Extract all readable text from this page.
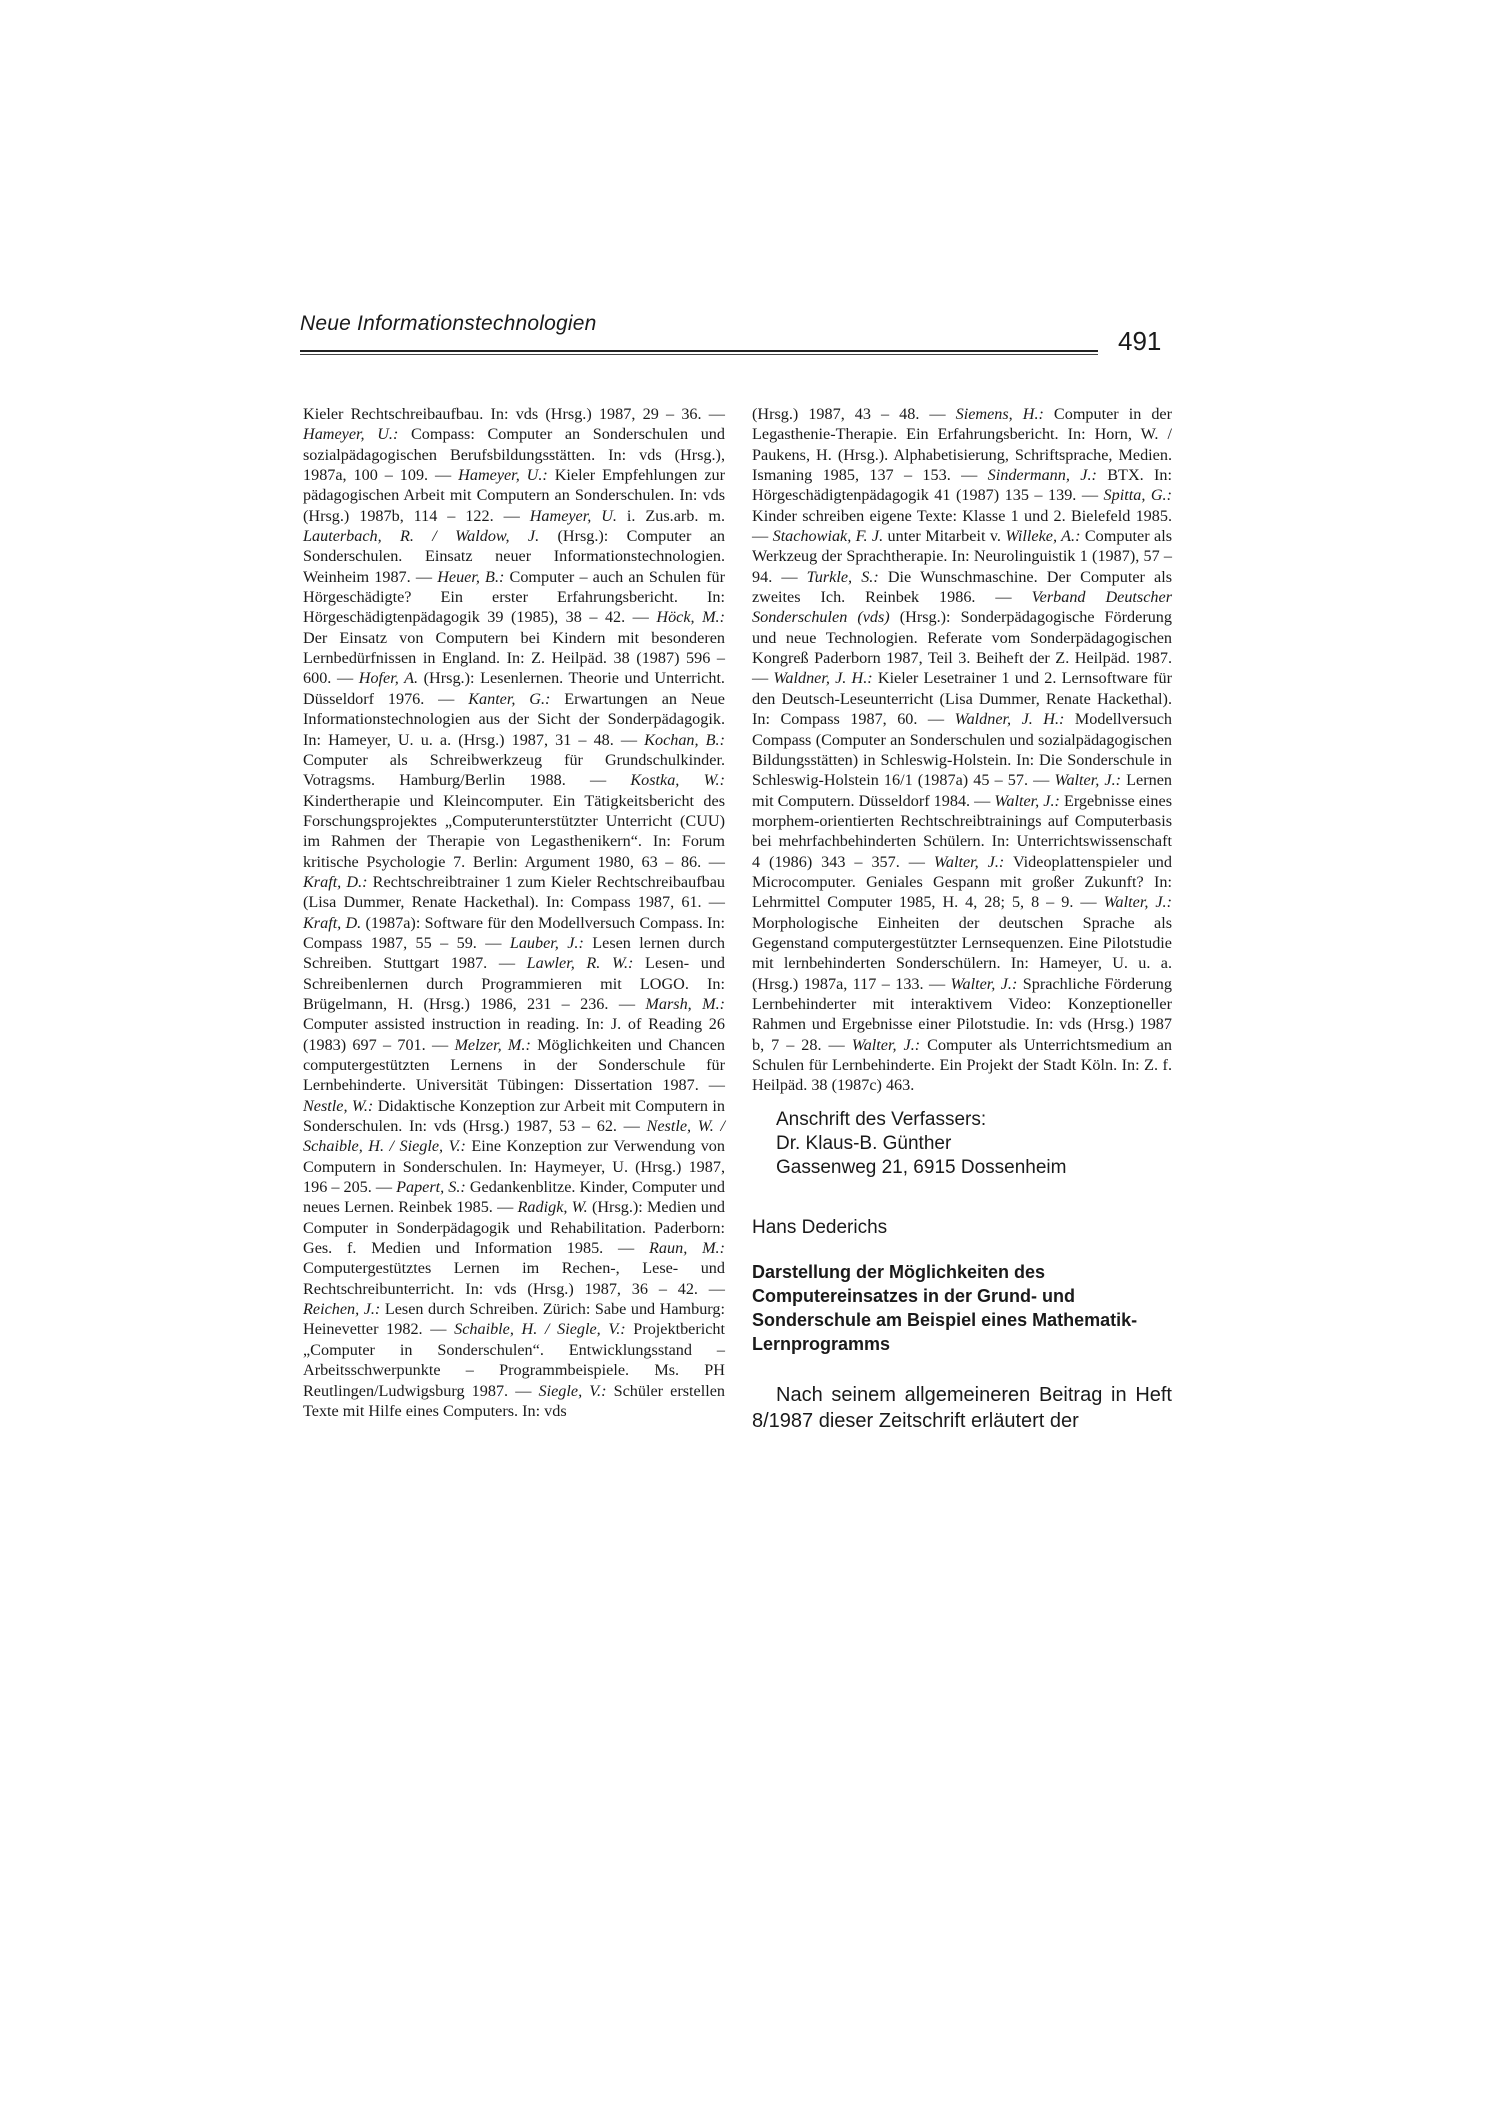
Neue Informationstechnologien
491

Kieler Rechtschreibaufbau. In: vds (Hrsg.) 1987, 29 – 36. — Hameyer, U.: Compass: Computer an Sonderschulen und sozialpädagogischen Berufsbildungsstätten. In: vds (Hrsg.), 1987a, 100 – 109. — Hameyer, U.: Kieler Empfehlungen zur pädagogischen Arbeit mit Computern an Sonderschulen. In: vds (Hrsg.) 1987b, 114 – 122. — Hameyer, U. i. Zus.arb. m. Lauterbach, R. / Waldow, J. (Hrsg.): Computer an Sonderschulen. Einsatz neuer Informationstechnologien. Weinheim 1987. — Heuer, B.: Computer – auch an Schulen für Hörgeschädigte? Ein erster Erfahrungsbericht. In: Hörgeschädigtenpädagogik 39 (1985), 38 – 42. — Höck, M.: Der Einsatz von Computern bei Kindern mit besonderen Lernbedürfnissen in England. In: Z. Heilpäd. 38 (1987) 596 – 600. — Hofer, A. (Hrsg.): Lesenlernen. Theorie und Unterricht. Düsseldorf 1976. — Kanter, G.: Erwartungen an Neue Informationstechnologien aus der Sicht der Sonderpädagogik. In: Hameyer, U. u. a. (Hrsg.) 1987, 31 – 48. — Kochan, B.: Computer als Schreibwerkzeug für Grundschulkinder. Votragsms. Hamburg/Berlin 1988. — Kostka, W.: Kindertherapie und Kleincomputer. Ein Tätigkeitsbericht des Forschungsprojektes „Computerunterstützter Unterricht (CUU) im Rahmen der Therapie von Legasthenikern“. In: Forum kritische Psychologie 7. Berlin: Argument 1980, 63 – 86. — Kraft, D.: Rechtschreibtrainer 1 zum Kieler Rechtschreibaufbau (Lisa Dummer, Renate Hackethal). In: Compass 1987, 61. — Kraft, D. (1987a): Software für den Modellversuch Compass. In: Compass 1987, 55 – 59. — Lauber, J.: Lesen lernen durch Schreiben. Stuttgart 1987. — Lawler, R. W.: Lesen- und Schreibenlernen durch Programmieren mit LOGO. In: Brügelmann, H. (Hrsg.) 1986, 231 – 236. — Marsh, M.: Computer assisted instruction in reading. In: J. of Reading 26 (1983) 697 – 701. — Melzer, M.: Möglichkeiten und Chancen computergestützten Lernens in der Sonderschule für Lernbehinderte. Universität Tübingen: Dissertation 1987. — Nestle, W.: Didaktische Konzeption zur Arbeit mit Computern in Sonderschulen. In: vds (Hrsg.) 1987, 53 – 62. — Nestle, W. / Schaible, H. / Siegle, V.: Eine Konzeption zur Verwendung von Computern in Sonderschulen. In: Haymeyer, U. (Hrsg.) 1987, 196 – 205. — Papert, S.: Gedankenblitze. Kinder, Computer und neues Lernen. Reinbek 1985. — Radigk, W. (Hrsg.): Medien und Computer in Sonderpädagogik und Rehabilitation. Paderborn: Ges. f. Medien und Information 1985. — Raun, M.: Computergestütztes Lernen im Rechen-, Lese- und Rechtschreibunterricht. In: vds (Hrsg.) 1987, 36 – 42. — Reichen, J.: Lesen durch Schreiben. Zürich: Sabe und Hamburg: Heinevetter 1982. — Schaible, H. / Siegle, V.: Projektbericht „Computer in Sonderschulen“. Entwicklungsstand – Arbeitsschwerpunkte – Programmbeispiele. Ms. PH Reutlingen/Ludwigsburg 1987. — Siegle, V.: Schüler erstellen Texte mit Hilfe eines Computers. In: vds

(Hrsg.) 1987, 43 – 48. — Siemens, H.: Computer in der Legasthenie-Therapie. Ein Erfahrungsbericht. In: Horn, W. / Paukens, H. (Hrsg.). Alphabetisierung, Schriftsprache, Medien. Ismaning 1985, 137 – 153. — Sindermann, J.: BTX. In: Hörgeschädigtenpädagogik 41 (1987) 135 – 139. — Spitta, G.: Kinder schreiben eigene Texte: Klasse 1 und 2. Bielefeld 1985. — Stachowiak, F. J. unter Mitarbeit v. Willeke, A.: Computer als Werkzeug der Sprachtherapie. In: Neurolinguistik 1 (1987), 57 – 94. — Turkle, S.: Die Wunschmaschine. Der Computer als zweites Ich. Reinbek 1986. — Verband Deutscher Sonderschulen (vds) (Hrsg.): Sonderpädagogische Förderung und neue Technologien. Referate vom Sonderpädagogischen Kongreß Paderborn 1987, Teil 3. Beiheft der Z. Heilpäd. 1987. — Waldner, J. H.: Kieler Lesetrainer 1 und 2. Lernsoftware für den Deutsch-Leseunterricht (Lisa Dummer, Renate Hackethal). In: Compass 1987, 60. — Waldner, J. H.: Modellversuch Compass (Computer an Sonderschulen und sozialpädagogischen Bildungsstätten) in Schleswig-Holstein. In: Die Sonderschule in Schleswig-Holstein 16/1 (1987a) 45 – 57. — Walter, J.: Lernen mit Computern. Düsseldorf 1984. — Walter, J.: Ergebnisse eines morphem-orientierten Rechtschreibtrainings auf Computerbasis bei mehrfachbehinderten Schülern. In: Unterrichtswissenschaft 4 (1986) 343 – 357. — Walter, J.: Videoplattenspieler und Microcomputer. Geniales Gespann mit großer Zukunft? In: Lehrmittel Computer 1985, H. 4, 28; 5, 8 – 9. — Walter, J.: Morphologische Einheiten der deutschen Sprache als Gegenstand computergestützter Lernsequenzen. Eine Pilotstudie mit lernbehinderten Sonderschülern. In: Hameyer, U. u. a. (Hrsg.) 1987a, 117 – 133. — Walter, J.: Sprachliche Förderung Lernbehinderter mit interaktivem Video: Konzeptioneller Rahmen und Ergebnisse einer Pilotstudie. In: vds (Hrsg.) 1987 b, 7 – 28. — Walter, J.: Computer als Unterrichtsmedium an Schulen für Lernbehinderte. Ein Projekt der Stadt Köln. In: Z. f. Heilpäd. 38 (1987c) 463.

Anschrift des Verfassers:
Dr. Klaus-B. Günther
Gassenweg 21, 6915 Dossenheim
Hans Dederichs
Darstellung der Möglichkeiten des Computereinsatzes in der Grund- und Sonderschule am Beispiel eines Mathematik-Lernprogramms
Nach seinem allgemeineren Beitrag in Heft 8/1987 dieser Zeitschrift erläutert der
